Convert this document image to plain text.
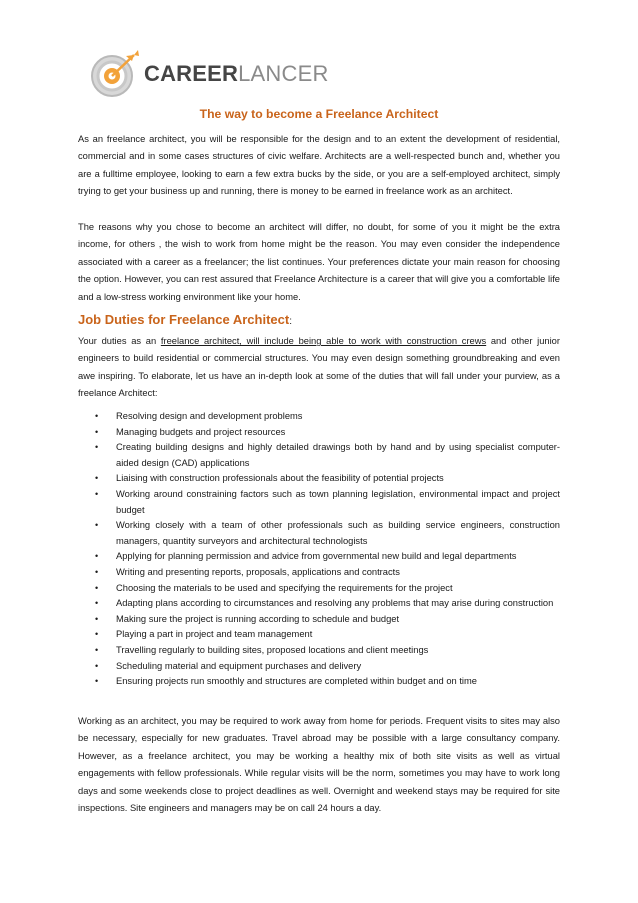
CAREERLANCER
The way to become a Freelance Architect

As an freelance architect, you will be responsible for the design and to an extent the development of residential, commercial and in some cases structures of civic welfare. Architects are a well-respected bunch and, whether you are a fulltime employee, looking to earn a few extra bucks by the side, or you are a self-employed architect, simply trying to get your business up and running, there is money to be earned in freelance work as an architect.

The reasons why you chose to become an architect will differ, no doubt, for some of you it might be the extra income, for others , the wish to work from home might be the reason. You may even consider the independence associated with a career as a freelancer; the list continues. Your preferences dictate your main reason for choosing the option. However, you can rest assured that Freelance Architecture is a career that will give you a comfortable life and a low-stress working environment like your home.

Job Duties for Freelance Architect:

Your duties as an freelance architect, will include being able to work with construction crews and other junior engineers to build residential or commercial structures. You may even design something groundbreaking and even awe inspiring. To elaborate, let us have an in-depth look at some of the duties that will fall under your purview, as a freelance Architect:

• Resolving design and development problems
• Managing budgets and project resources
• Creating building designs and highly detailed drawings both by hand and by using specialist computer-aided design (CAD) applications
• Liaising with construction professionals about the feasibility of potential projects
• Working around constraining factors such as town planning legislation, environmental impact and project budget
• Working closely with a team of other professionals such as building service engineers, construction managers, quantity surveyors and architectural technologists
• Applying for planning permission and advice from governmental new build and legal departments
• Writing and presenting reports, proposals, applications and contracts
• Choosing the materials to be used and specifying the requirements for the project
• Adapting plans according to circumstances and resolving any problems that may arise during construction
• Making sure the project is running according to schedule and budget
• Playing a part in project and team management
• Travelling regularly to building sites, proposed locations and client meetings
• Scheduling material and equipment purchases and delivery
• Ensuring projects run smoothly and structures are completed within budget and on time

Working as an architect, you may be required to work away from home for periods. Frequent visits to sites may also be necessary, especially for new graduates. Travel abroad may be possible with a large consultancy company. However, as a freelance architect, you may be working a healthy mix of both site visits as well as virtual engagements with fellow professionals. While regular visits will be the norm, sometimes you may have to work long days and some weekends close to project deadlines as well. Overnight and weekend stays may be required for site inspections. Site engineers and managers may be on call 24 hours a day.
